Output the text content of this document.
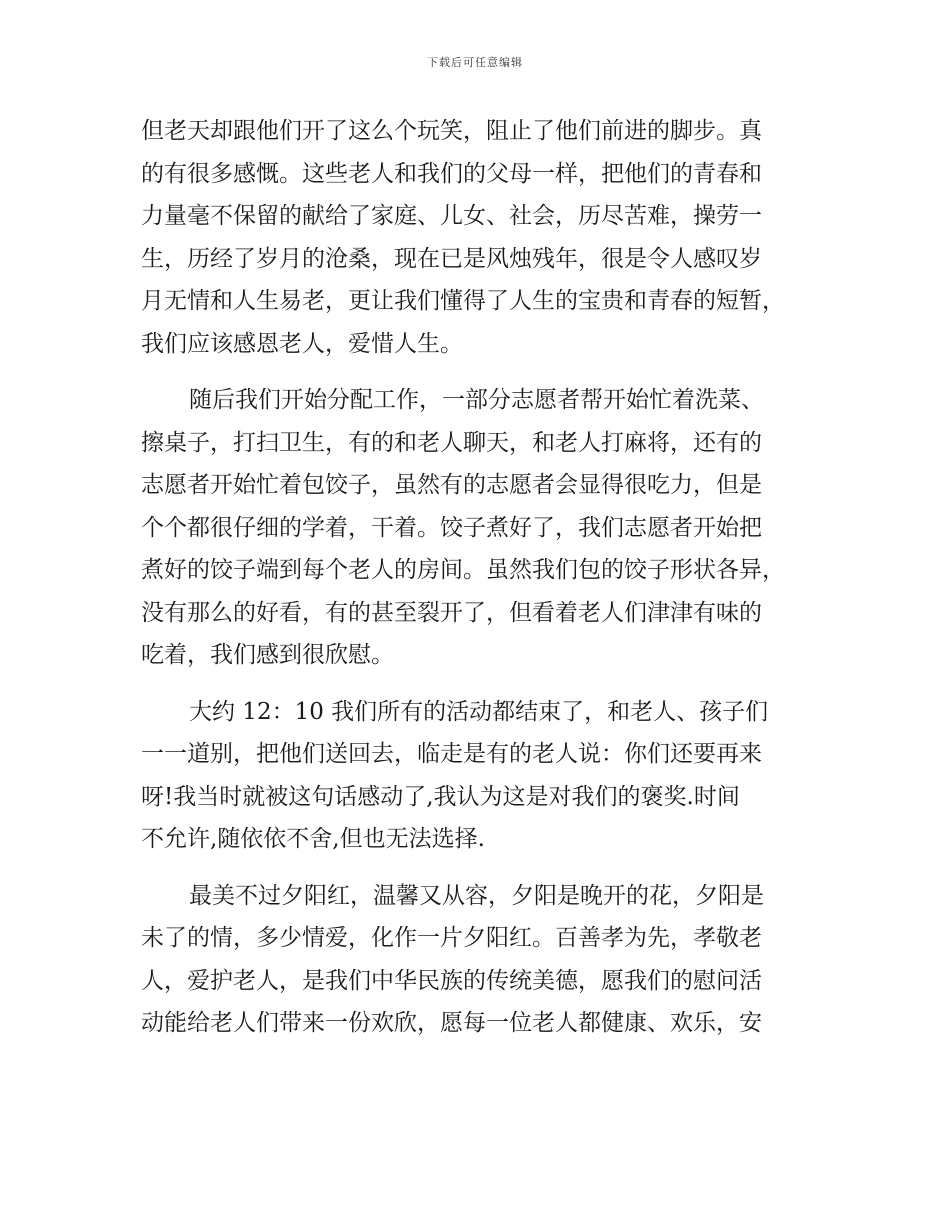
下载后可任意编辑

但老天却跟他们开了这么个玩笑，阻止了他们前进的脚步。真
的有很多感慨。这些老人和我们的父母一样，把他们的青春和
力量毫不保留的献给了家庭、儿女、社会，历尽苦难，操劳一
生，历经了岁月的沧桑，现在已是风烛残年，很是令人感叹岁
月无情和人生易老，更让我们懂得了人生的宝贵和青春的短暂，
我们应该感恩老人，爱惜人生。

随后我们开始分配工作，一部分志愿者帮开始忙着洗菜、
擦桌子，打扫卫生，有的和老人聊天，和老人打麻将，还有的
志愿者开始忙着包饺子，虽然有的志愿者会显得很吃力，但是
个个都很仔细的学着，干着。饺子煮好了，我们志愿者开始把
煮好的饺子端到每个老人的房间。虽然我们包的饺子形状各异，
没有那么的好看，有的甚至裂开了，但看着老人们津津有味的
吃着，我们感到很欣慰。

大约 12：10 我们所有的活动都结束了，和老人、孩子们
一一道别，把他们送回去，临走是有的老人说：你们还要再来
呀!我当时就被这句话感动了,我认为这是对我们的褒奖.时间
不允许,随依依不舍,但也无法选择.

最美不过夕阳红，温馨又从容，夕阳是晚开的花，夕阳是
未了的情，多少情爱，化作一片夕阳红。百善孝为先，孝敬老
人，爱护老人，是我们中华民族的传统美德，愿我们的慰问活
动能给老人们带来一份欢欣，愿每一位老人都健康、欢乐，安
